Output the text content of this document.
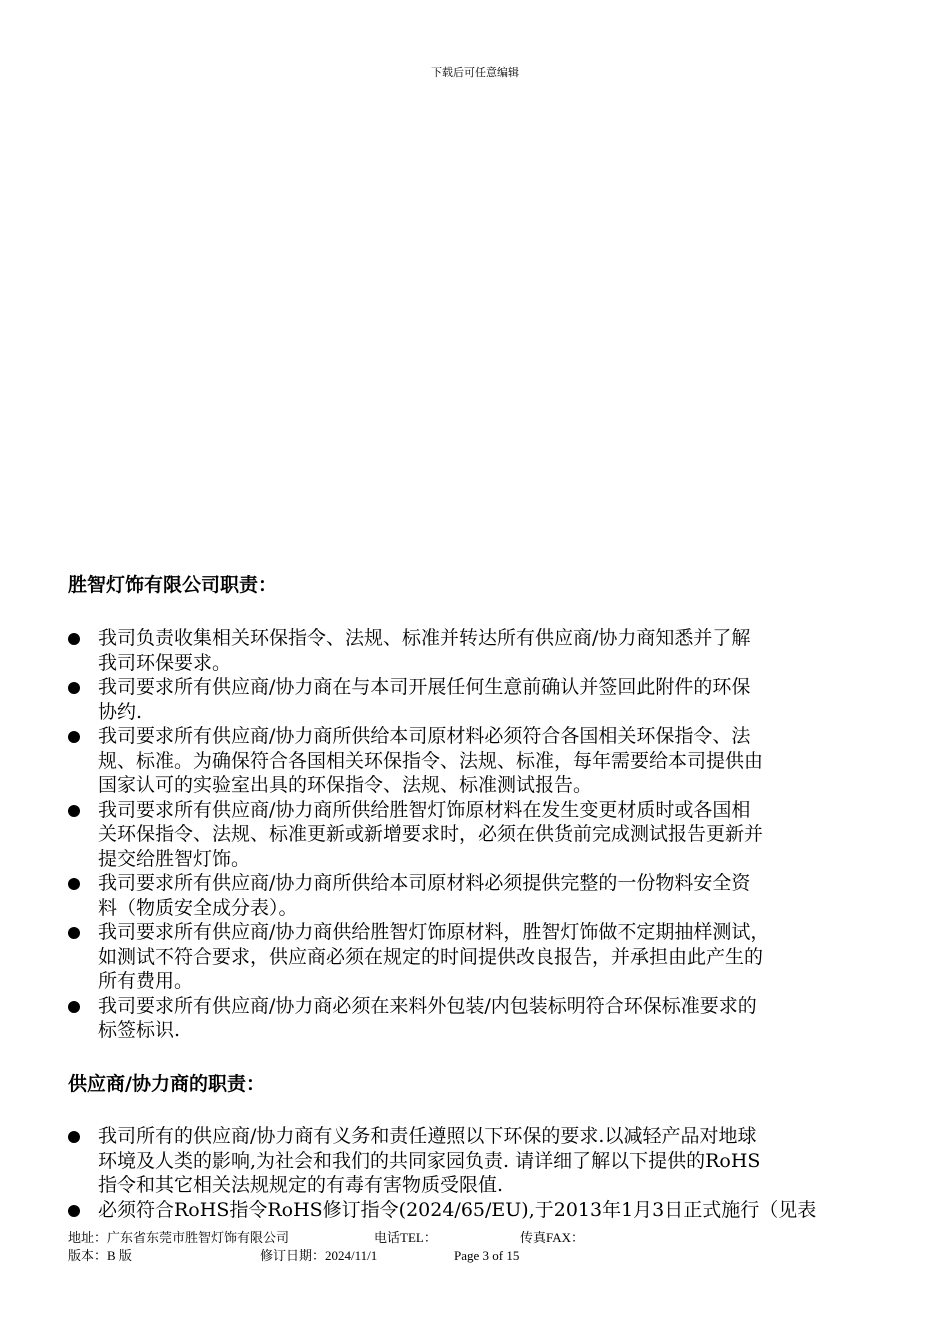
下载后可任意编辑
胜智灯饰有限公司职责：
我司负责收集相关环保指令、法规、标准并转达所有供应商/协力商知悉并了解
我司环保要求。
我司要求所有供应商/协力商在与本司开展任何生意前确认并签回此附件的环保
协约.
我司要求所有供应商/协力商所供给本司原材料必须符合各国相关环保指令、法
规、标准。为确保符合各国相关环保指令、法规、标准，每年需要给本司提供由
国家认可的实验室出具的环保指令、法规、标准测试报告。
我司要求所有供应商/协力商所供给胜智灯饰原材料在发生变更材质时或各国相
关环保指令、法规、标准更新或新增要求时，必须在供货前完成测试报告更新并
提交给胜智灯饰。
我司要求所有供应商/协力商所供给本司原材料必须提供完整的一份物料安全资
料（物质安全成分表）。
我司要求所有供应商/协力商供给胜智灯饰原材料，胜智灯饰做不定期抽样测试，
如测试不符合要求，供应商必须在规定的时间提供改良报告，并承担由此产生的
所有费用。
我司要求所有供应商/协力商必须在来料外包装/内包装标明符合环保标准要求的
标签标识.
供应商/协力商的职责：
我司所有的供应商/协力商有义务和责任遵照以下环保的要求.以减轻产品对地球
环境及人类的影响,为社会和我们的共同家园负责. 请详细了解以下提供的RoHS
指令和其它相关法规规定的有毒有害物质受限值.
必须符合RoHS指令RoHS修订指令(2024/65/EU),于2013年1月3日正式施行（见表
地址：广东省东莞市胜智灯饰有限公司	电话TEL：	传真FAX：
版本：B 版	修订日期：2024/11/1	Page 3 of 15
